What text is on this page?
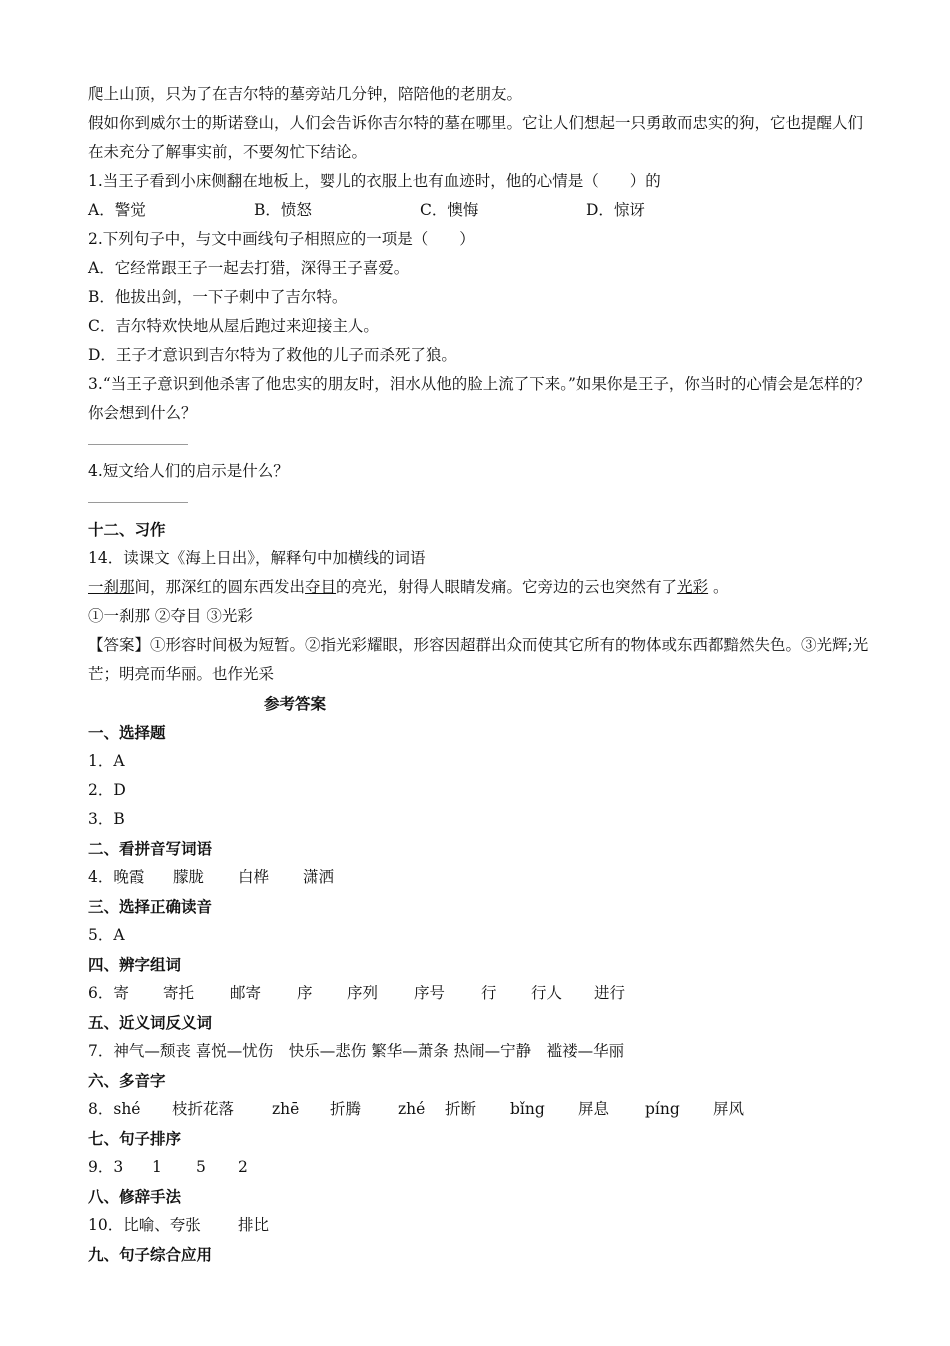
爬上山顶，只为了在吉尔特的墓旁站几分钟，陪陪他的老朋友。
假如你到威尔士的斯诺登山，人们会告诉你吉尔特的墓在哪里。它让人们想起一只勇敢而忠实的狗，它也提醒人们在未充分了解事实前，不要匆忙下结论。
1.当王子看到小床侧翻在地板上，婴儿的衣服上也有血迹时，他的心情是（　　）的
A．警觉	B．愤怒	C．懊悔	D．惊讶
2.下列句子中，与文中画线句子相照应的一项是（　　）
A．它经常跟王子一起去打猎，深得王子喜爱。
B．他拔出剑，一下子刺中了吉尔特。
C．吉尔特欢快地从屋后跑过来迎接主人。
D．王子才意识到吉尔特为了救他的儿子而杀死了狼。
3.“当王子意识到他杀害了他忠实的朋友时，泪水从他的脸上流了下来。”如果你是王子，你当时的心情会是怎样的？你会想到什么？
4.短文给人们的启示是什么？
十二、习作
14．读课文《海上日出》，解释句中加横线的词语
一刹那间，那深红的圆东西发出夺目的亮光，射得人眼睛发痛。它旁边的云也突然有了光彩 。
①一刹那 ②夺目 ③光彩
【答案】①形容时间极为短暂。②指光彩耀眼，形容因超群出众而使其它所有的物体或东西都黯然失色。③光辉;光芒；明亮而华丽。也作光采
参考答案
一、选择题
1．A
2．D
3．B
二、看拼音写词语
4．晚霞 朦胧 白桦 潇洒
三、选择正确读音
5．A
四、辨字组词
6．寄 寄托 邮寄 序 序列 序号 行 行人 进行
五、近义词反义词
7．神气—颓丧 喜悦—忧伤　快乐—悲伤 繁华—萧条 热闹—宁静　褴褛—华丽
六、多音字
8．shé 枝折花落 zhē 折腾 zhé 折断 bǐng 屏息 píng 屏风
七、句子排序
9．3 1 5 2
八、修辞手法
10．比喻、夸张 排比
九、句子综合应用
